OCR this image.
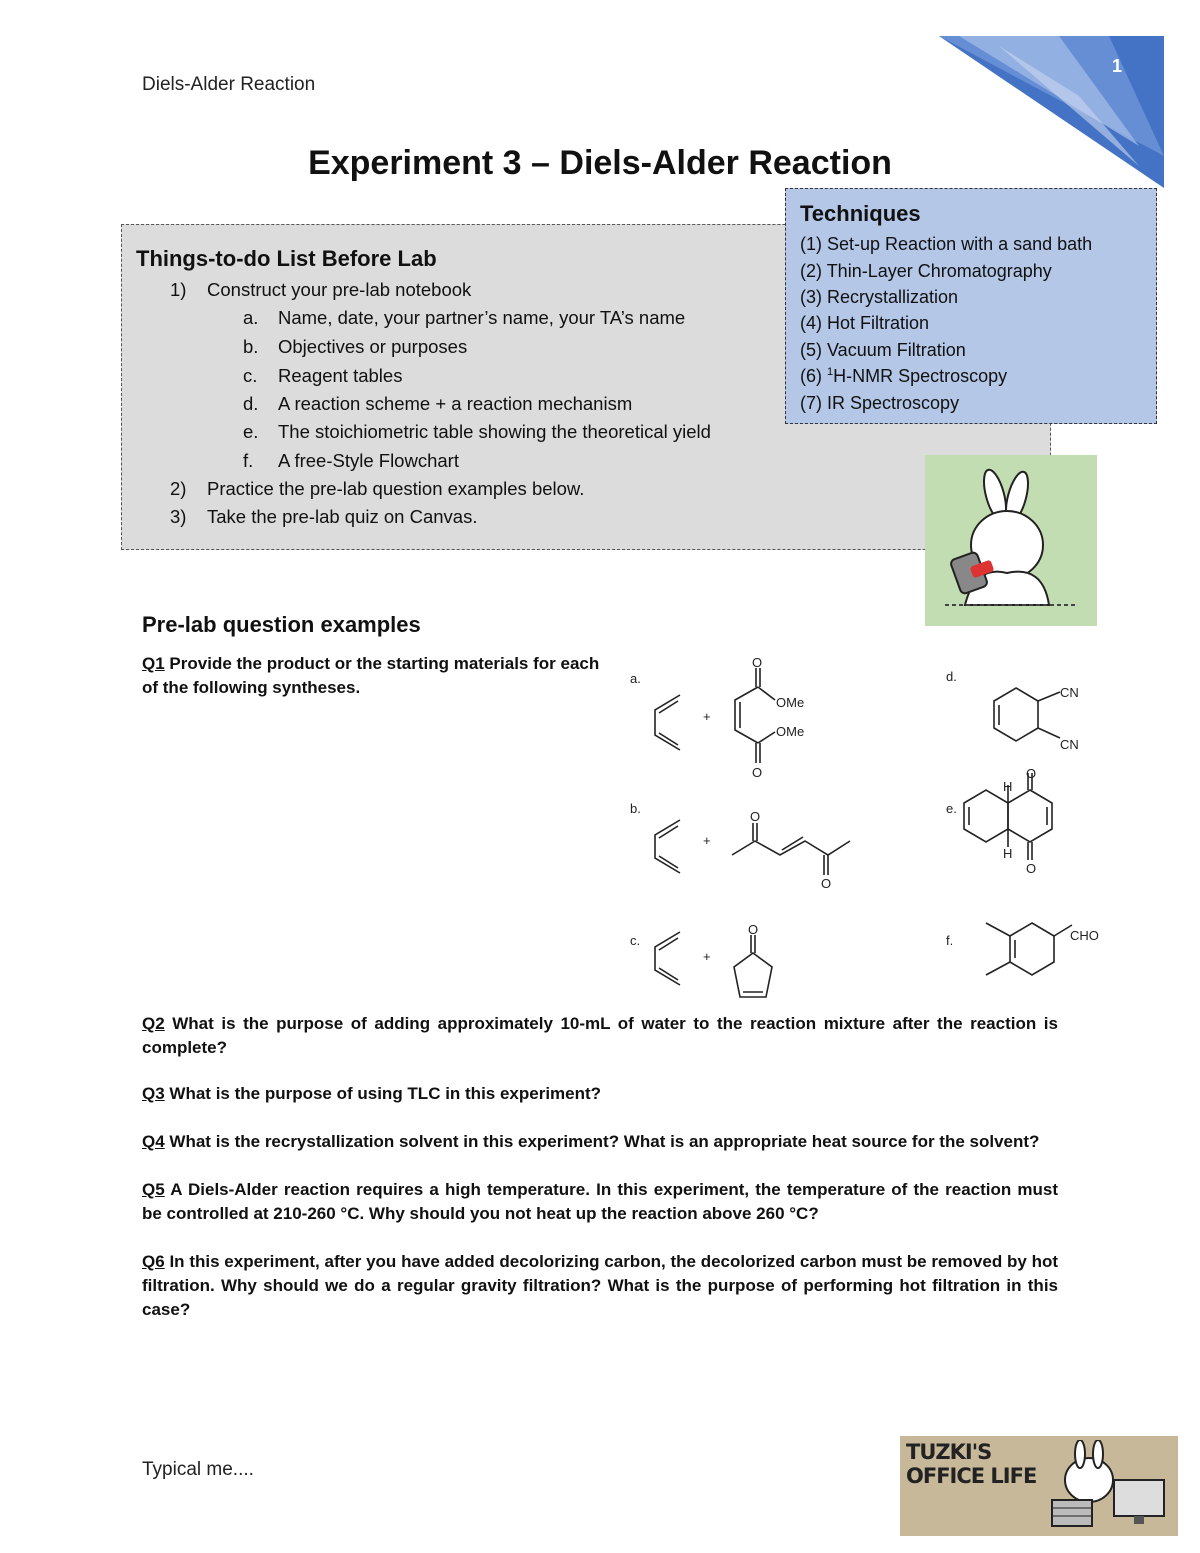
Diels-Alder Reaction
1
Experiment 3 – Diels-Alder Reaction
Things-to-do List Before Lab
1) Construct your pre-lab notebook
a. Name, date, your partner’s name, your TA’s name
b. Objectives or purposes
c. Reagent tables
d. A reaction scheme + a reaction mechanism
e. The stoichiometric table showing the theoretical yield
f. A free-Style Flowchart
2) Practice the pre-lab question examples below.
3) Take the pre-lab quiz on Canvas.
Techniques
(1) Set-up Reaction with a sand bath
(2) Thin-Layer Chromatography
(3) Recrystallization
(4) Hot Filtration
(5) Vacuum Filtration
(6) $^1$H-NMR Spectroscopy
(7) IR Spectroscopy
Pre-lab question examples
Q1 Provide the product or the starting materials for each of the following syntheses.	a.
+
O
OMe
OMe
O
b.
+
O
O
c.
+
O
d.
CN
CN
e.
O
O
H
H
f.	CHO
Q2 What is the purpose of adding approximately 10-mL of water to the reaction mixture after the reaction is complete?
Q3 What is the purpose of using TLC in this experiment?
Q4 What is the recrystallization solvent in this experiment? What is an appropriate heat source for the solvent?
Q5 A Diels-Alder reaction requires a high temperature. In this experiment, the temperature of the reaction must be controlled at 210-260 °C. Why should you not heat up the reaction above 260 °C?
Q6 In this experiment, after you have added decolorizing carbon, the decolorized carbon must be removed by hot filtration. Why should we do a regular gravity filtration? What is the purpose of performing hot filtration in this case?
Typical me....
TUZKI'S
OFFICE LIFE
